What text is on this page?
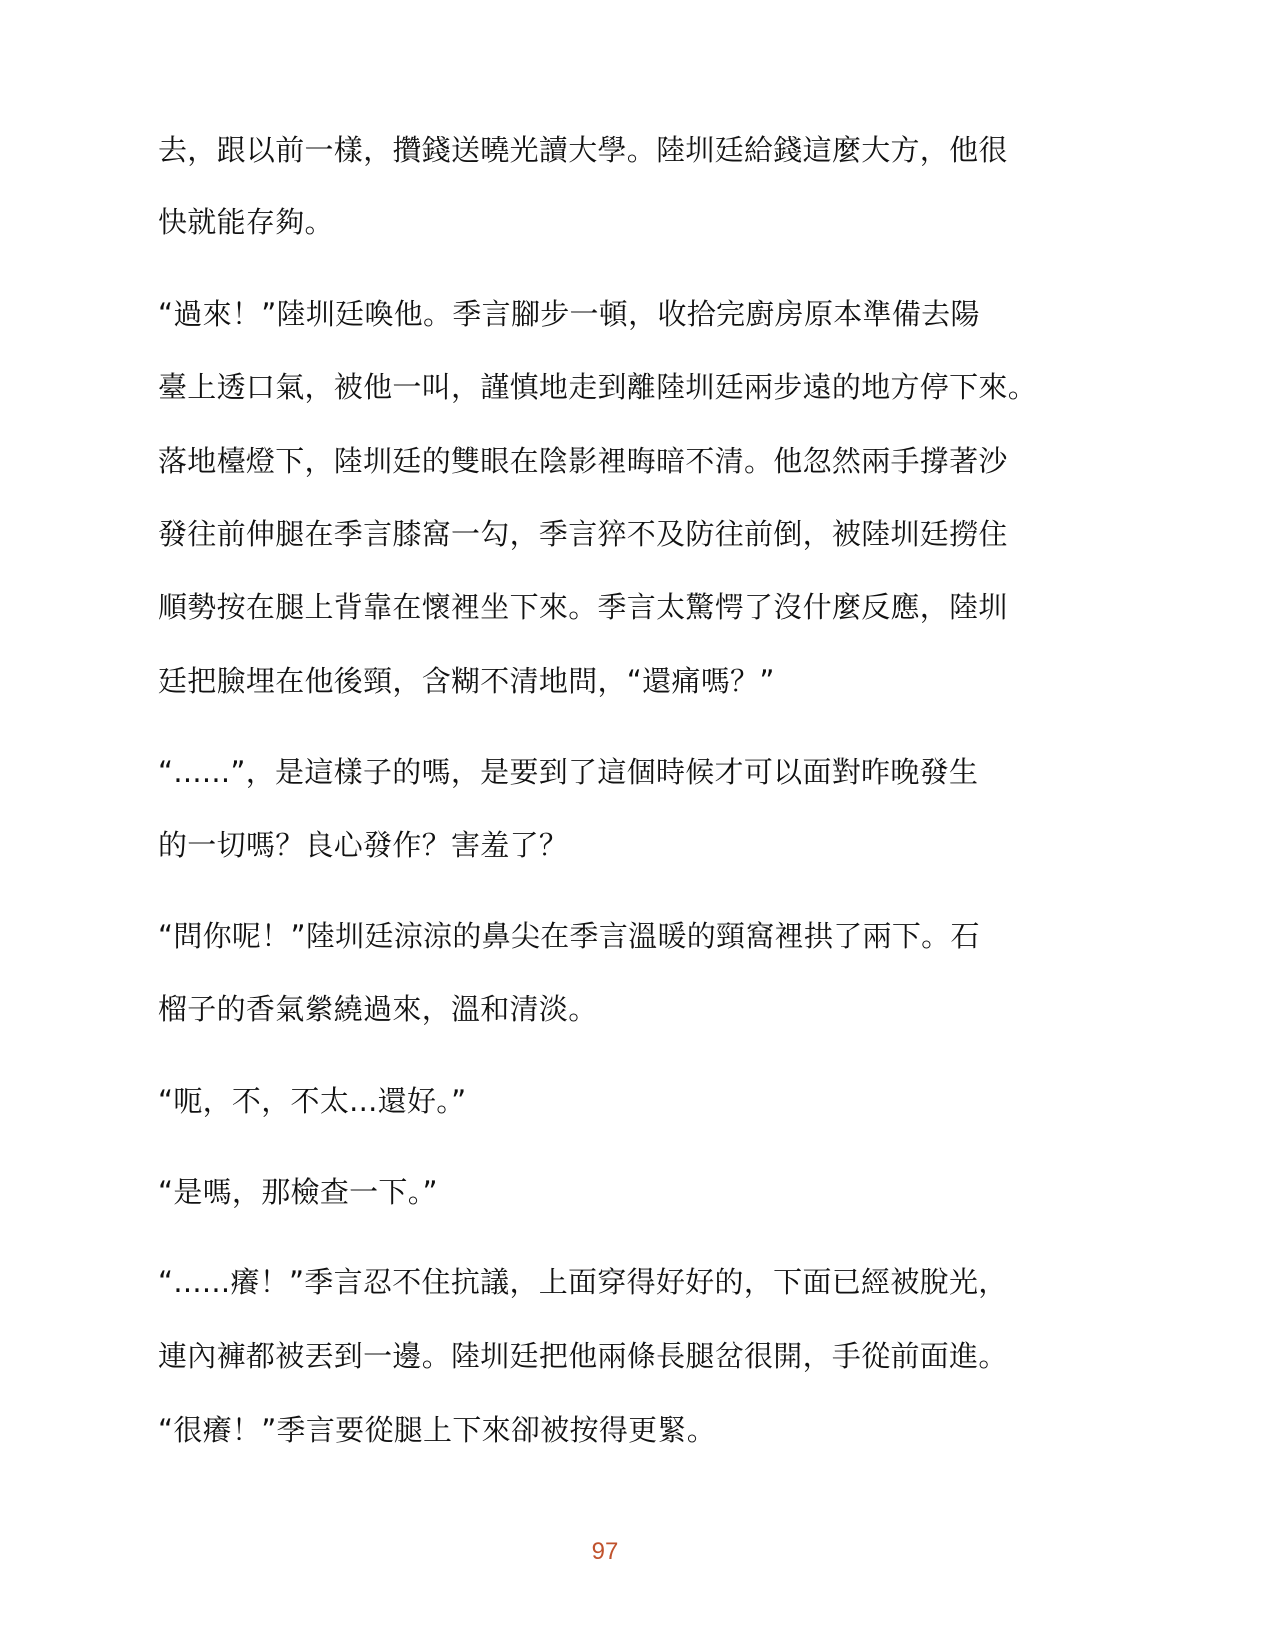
去，跟以前一樣，攢錢送曉光讀大學。陸圳廷給錢這麼大方，他很
快就能存夠。
“過來！”陸圳廷喚他。季言腳步一頓，收拾完廚房原本準備去陽
臺上透口氣，被他一叫，謹慎地走到離陸圳廷兩步遠的地方停下來。
落地檯燈下，陸圳廷的雙眼在陰影裡晦暗不清。他忽然兩手撐著沙
發往前伸腿在季言膝窩一勾，季言猝不及防往前倒，被陸圳廷撈住
順勢按在腿上背靠在懷裡坐下來。季言太驚愕了沒什麼反應，陸圳
廷把臉埋在他後頸，含糊不清地問，“還痛嗎？”
“......”，是這樣子的嗎，是要到了這個時候才可以面對昨晚發生
的一切嗎？良心發作？害羞了？
“問你呢！”陸圳廷涼涼的鼻尖在季言溫暖的頸窩裡拱了兩下。石
榴子的香氣縈繞過來，溫和清淡。
“呃，不，不太...還好。”
“是嗎，那檢查一下。”
“......癢！”季言忍不住抗議，上面穿得好好的，下面已經被脫光，
連內褲都被丟到一邊。陸圳廷把他兩條長腿岔很開，手從前面進。
“很癢！”季言要從腿上下來卻被按得更緊。
97
